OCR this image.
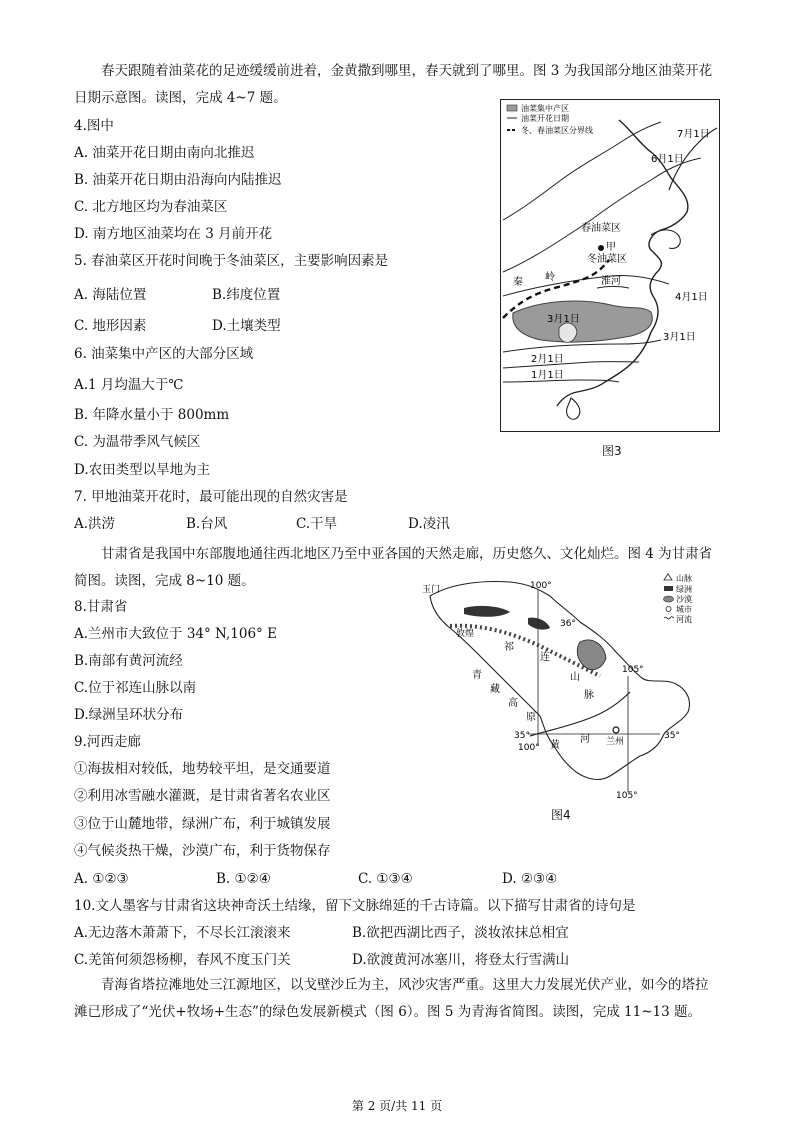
春天跟随着油菜花的足迹缓缓前进着，金黄撒到哪里，春天就到了哪里。图 3 为我国部分地区油菜开花日期示意图。读图，完成 4~7 题。
4.图中
A. 油菜开花日期由南向北推迟
B. 油菜开花日期由沿海向内陆推迟
C. 北方地区均为春油菜区
D. 南方地区油菜均在 3 月前开花
5. 春油菜区开花时间晚于冬油菜区，主要影响因素是
A. 海陆位置	B.纬度位置
C. 地形因素	D.土壤类型
6. 油菜集中产区的大部分区域
A.1 月均温大于℃
B. 年降水量小于 800mm
C. 为温带季风气候区
D.农田类型以旱地为主
7. 甲地油菜开花时，最可能出现的自然灾害是
A.洪涝	B.台风	C.干旱	D.凌汛
油菜集中产区
油菜开花日期
冬、春油菜区分界线	7月1日
6月1日
春油菜区
甲
冬油菜区
秦 岭	淮河
4月1日
3月1日
3月1日
2月1日
1月1日
图3
甘肃省是我国中东部腹地通往西北地区乃至中亚各国的天然走廊，历史悠久、文化灿烂。图 4 为甘肃省简图。读图，完成 8~10 题。
8.甘肃省
A.兰州市大致位于 34° N,106° E
B.南部有黄河流经
C.位于祁连山脉以南
D.绿洲呈环状分布
9.河西走廊
①海拔相对较低，地势较平坦，是交通要道
②利用冰雪融水灌溉，是甘肃省著名农业区
③位于山麓地带，绿洲广布，利于城镇发展
④气候炎热干燥，沙漠广布，利于货物保存
A. ①②③	B. ①②④	C. ①③④	D. ②③④
10.文人墨客与甘肃省这块神奇沃土结缘，留下文脉绵延的千古诗篇。以下描写甘肃省的诗句是
A.无边落木萧萧下，不尽长江滚滚来	B.欲把西湖比西子，淡妆浓抹总相宜
C.羌笛何须怨杨柳，春风不度玉门关	D.欲渡黄河冰塞川，将登太行雪满山
100°
100°
105°
105°
36°
35°	35°
玉门
敦煌
祁
连
青
藏
高
原
山
脉
黄
河 兰州
山脉
绿洲
沙漠
城市
河流
图4
青海省塔拉滩地处三江源地区，以戈壁沙丘为主，风沙灾害严重。这里大力发展光伏产业，如今的塔拉滩已形成了“光伏+牧场+生态”的绿色发展新模式（图 6）。图 5 为青海省简图。读图，完成 11~13 题。
第 2 页/共 11 页
